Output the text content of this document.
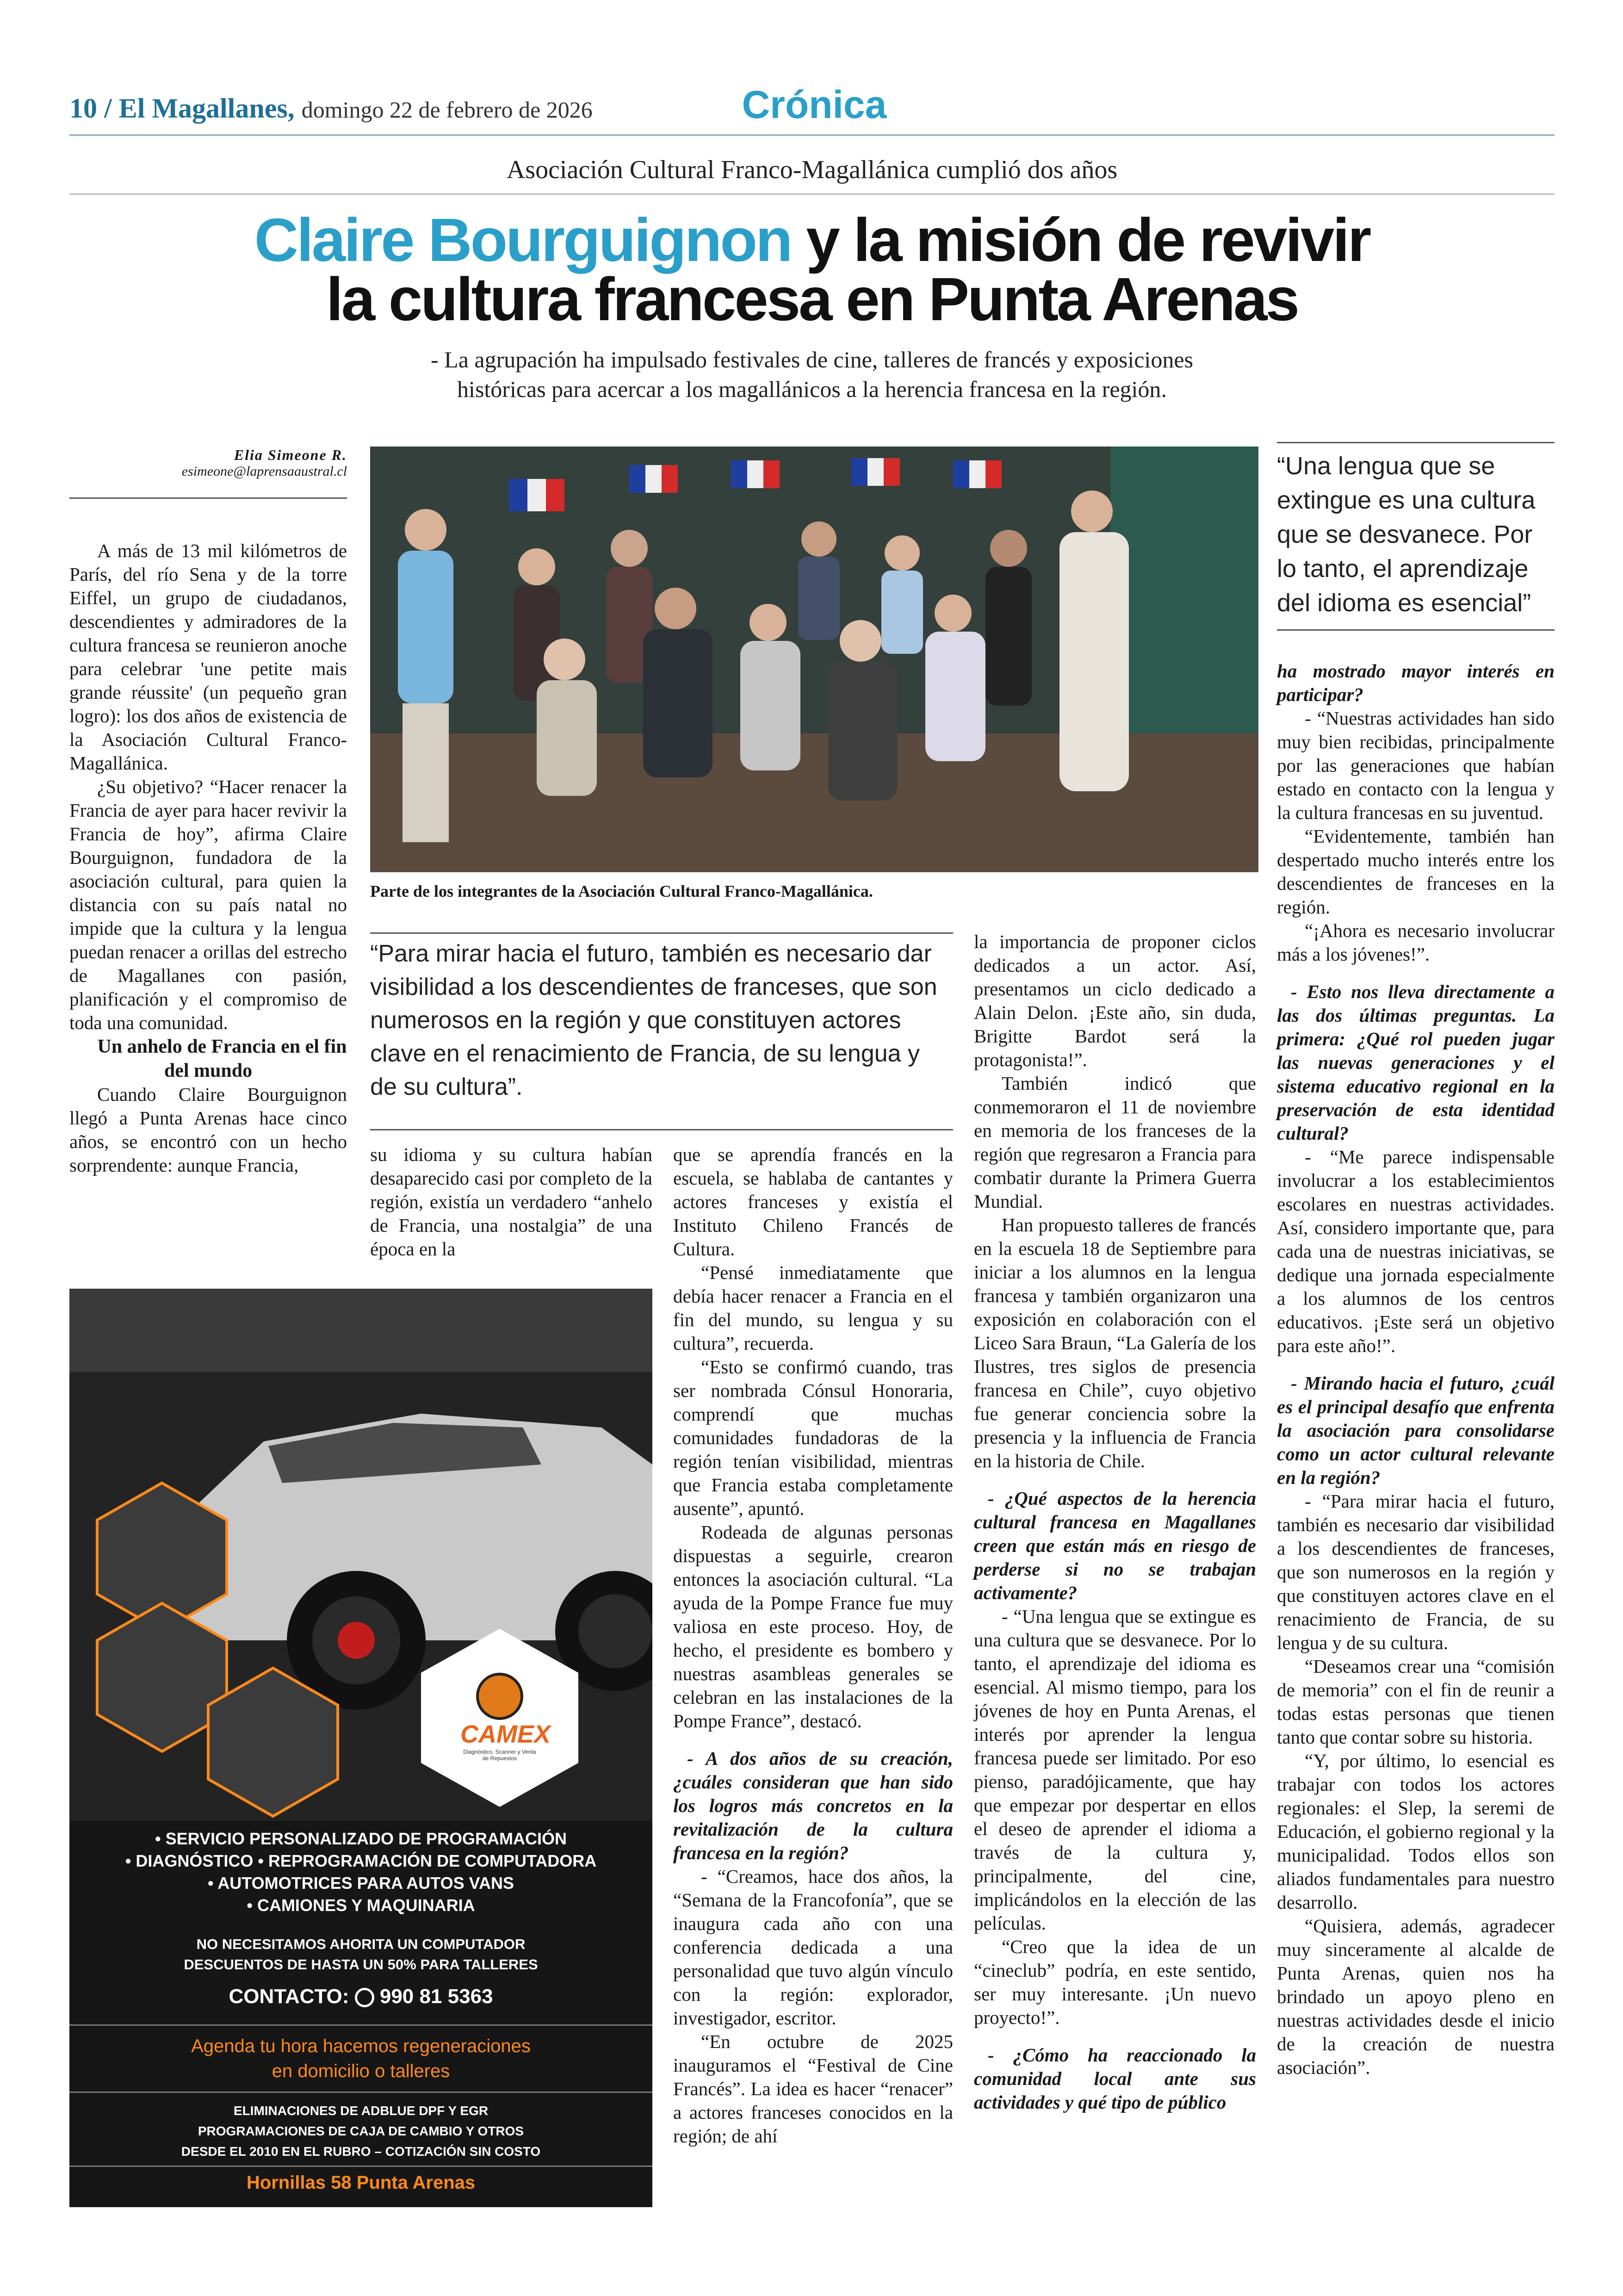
10 / El Magallanes, domingo 22 de febrero de 2026	Crónica
Asociación Cultural Franco-Magallánica cumplió dos años
Claire Bourguignon y la misión de revivir
la cultura francesa en Punta Arenas
- La agrupación ha impulsado festivales de cine, talleres de francés y exposiciones
históricas para acercar a los magallánicos a la herencia francesa en la región.
Elia Simeone R.
esimeone@laprensaaustral.cl

A más de 13 mil kilómetros de París, del río Sena y de la torre Eiffel, un grupo de ciudadanos, descendientes y admiradores de la cultura francesa se reunieron anoche para celebrar 'une petite mais grande réussite' (un pequeño gran logro): los dos años de existencia de la Asociación Cultural Franco-Magallánica.

¿Su objetivo? “Hacer renacer la Francia de ayer para hacer revivir la Francia de hoy”, afirma Claire Bourguignon, fundadora de la asociación cultural, para quien la distancia con su país natal no impide que la cultura y la lengua puedan renacer a orillas del estrecho de Magallanes con pasión, planificación y el compromiso de toda una comunidad.

Un anhelo de Francia en el fin del mundo

Cuando Claire Bourguignon llegó a Punta Arenas hace cinco años, se encontró con un hecho sorprendente: aunque Francia,

Parte de los integrantes de la Asociación Cultural Franco-Magallánica.
“Una lengua que se extingue es una cultura que se desvanece. Por lo tanto, el aprendizaje del idioma es esencial”
“Para mirar hacia el futuro, también es necesario dar visibilidad a los descendientes de franceses, que son numerosos en la región y que constituyen actores clave en el renacimiento de Francia, de su lengua y de su cultura”.

su idioma y su cultura habían desaparecido casi por completo de la región, existía un verdadero “anhelo de Francia, una nostalgia” de una época en la

que se aprendía francés en la escuela, se hablaba de cantantes y actores franceses y existía el Instituto Chileno Francés de Cultura.

“Pensé inmediatamente que debía hacer renacer a Francia en el fin del mundo, su lengua y su cultura”, recuerda.

“Esto se confirmó cuando, tras ser nombrada Cónsul Honoraria, comprendí que muchas comunidades fundadoras de la región tenían visibilidad, mientras que Francia estaba completamente ausente”, apuntó.

Rodeada de algunas personas dispuestas a seguirle, crearon entonces la asociación cultural. “La ayuda de la Pompe France fue muy valiosa en este proceso. Hoy, de hecho, el presidente es bombero y nuestras asambleas generales se celebran en las instalaciones de la Pompe France”, destacó.

- A dos años de su creación, ¿cuáles consideran que han sido los logros más concretos en la revitalización de la cultura francesa en la región?

- “Creamos, hace dos años, la “Semana de la Francofonía”, que se inaugura cada año con una conferencia dedicada a una personalidad que tuvo algún vínculo con la región: explorador, investigador, escritor.

“En octubre de 2025 inauguramos el “Festival de Cine Francés”. La idea es hacer “renacer” a actores franceses conocidos en la región; de ahí

la importancia de proponer ciclos dedicados a un actor. Así, presentamos un ciclo dedicado a Alain Delon. ¡Este año, sin duda, Brigitte Bardot será la protagonista!”.

También indicó que conmemoraron el 11 de noviembre en memoria de los franceses de la región que regresaron a Francia para combatir durante la Primera Guerra Mundial.

Han propuesto talleres de francés en la escuela 18 de Septiembre para iniciar a los alumnos en la lengua francesa y también organizaron una exposición en colaboración con el Liceo Sara Braun, “La Galería de los Ilustres, tres siglos de presencia francesa en Chile”, cuyo objetivo fue generar conciencia sobre la presencia y la influencia de Francia en la historia de Chile.

- ¿Qué aspectos de la herencia cultural francesa en Magallanes creen que están más en riesgo de perderse si no se trabajan activamente?

- “Una lengua que se extingue es una cultura que se desvanece. Por lo tanto, el aprendizaje del idioma es esencial. Al mismo tiempo, para los jóvenes de hoy en Punta Arenas, el interés por aprender la lengua francesa puede ser limitado. Por eso pienso, paradójicamente, que hay que empezar por despertar en ellos el deseo de aprender el idioma a través de la cultura y, principalmente, del cine, implicándolos en la elección de las películas.

“Creo que la idea de un “cineclub” podría, en este sentido, ser muy interesante. ¡Un nuevo proyecto!”.

- ¿Cómo ha reaccionado la comunidad local ante sus actividades y qué tipo de público

ha mostrado mayor interés en participar?

- “Nuestras actividades han sido muy bien recibidas, principalmente por las generaciones que habían estado en contacto con la lengua y la cultura francesas en su juventud.

“Evidentemente, también han despertado mucho interés entre los descendientes de franceses en la región.

“¡Ahora es necesario involucrar más a los jóvenes!”.

- Esto nos lleva directamente a las dos últimas preguntas. La primera: ¿Qué rol pueden jugar las nuevas generaciones y el sistema educativo regional en la preservación de esta identidad cultural?

- “Me parece indispensable involucrar a los establecimientos escolares en nuestras actividades. Así, considero importante que, para cada una de nuestras iniciativas, se dedique una jornada especialmente a los alumnos de los centros educativos. ¡Este será un objetivo para este año!”.

- Mirando hacia el futuro, ¿cuál es el principal desafío que enfrenta la asociación para consolidarse como un actor cultural relevante en la región?

- “Para mirar hacia el futuro, también es necesario dar visibilidad a los descendientes de franceses, que son numerosos en la región y que constituyen actores clave en el renacimiento de Francia, de su lengua y de su cultura.

“Deseamos crear una “comisión de memoria” con el fin de reunir a todas estas personas que tienen tanto que contar sobre su historia.

“Y, por último, lo esencial es trabajar con todos los actores regionales: el Slep, la seremi de Educación, el gobierno regional y la municipalidad. Todos ellos son aliados fundamentales para nuestro desarrollo.

“Quisiera, además, agradecer muy sinceramente al alcalde de Punta Arenas, quien nos ha brindado un apoyo pleno en nuestras actividades desde el inicio de la creación de nuestra asociación”.

CAMEX
Diagnóstico, Scanner y Venta de Repuestos
• SERVICIO PERSONALIZADO DE PROGRAMACIÓN
• DIAGNÓSTICO • REPROGRAMACIÓN DE COMPUTADORA
• AUTOMOTRICES PARA AUTOS VANS
• CAMIONES Y MAQUINARIA
NO NECESITAMOS AHORITA UN COMPUTADOR
DESCUENTOS DE HASTA UN 50% PARA TALLERES
CONTACTO: 990 81 5363
Agenda tu hora hacemos regeneraciones
en domicilio o talleres
ELIMINACIONES DE ADBLUE DPF Y EGR
PROGRAMACIONES DE CAJA DE CAMBIO Y OTROS
DESDE EL 2010 EN EL RUBRO – COTIZACIÓN SIN COSTO
Hornillas 58 Punta Arenas
